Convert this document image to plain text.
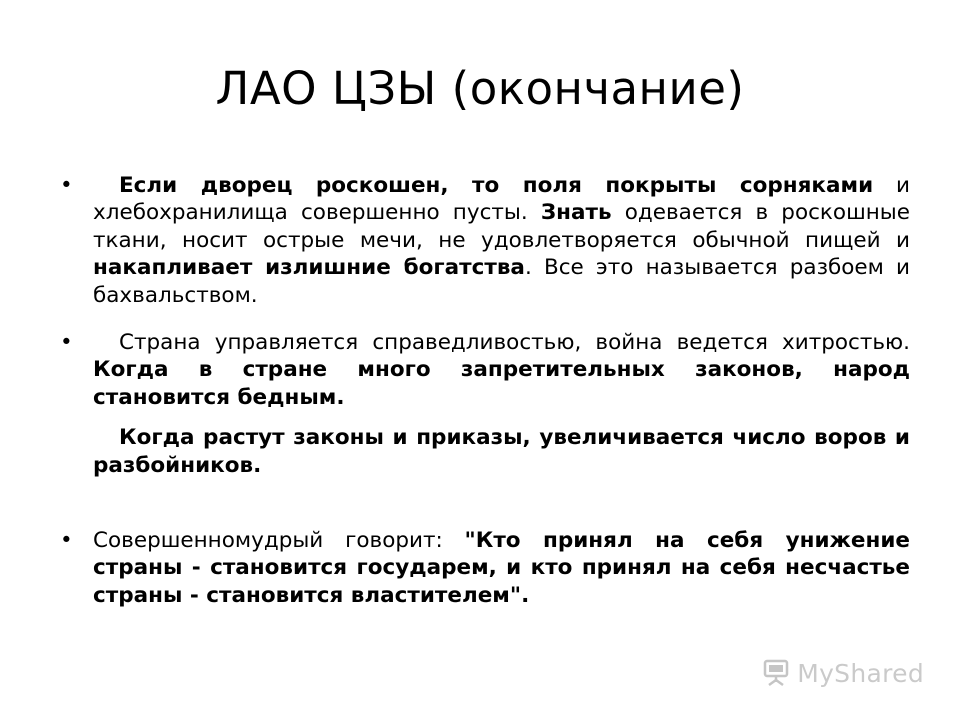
ЛАО ЦЗЫ (окончание)
•	Если дворец роскошен, то поля покрыты сорняками и хлебохранилища совершенно пусты. Знать одевается в роскошные ткани, носит острые мечи, не удовлетворяется обычной пищей и накапливает излишние богатства. Все это называется разбоем и бахвальством.

•	Страна управляется справедливостью, война ведется хитростью. Когда в стране много запретительных законов, народ становится бедным.

Когда растут законы и приказы, увеличивается число воров и разбойников.

• Совершенномудрый говорит: "Кто принял на себя унижение страны - становится государем, и кто принял на себя несчастье страны - становится властителем".

MyShared
